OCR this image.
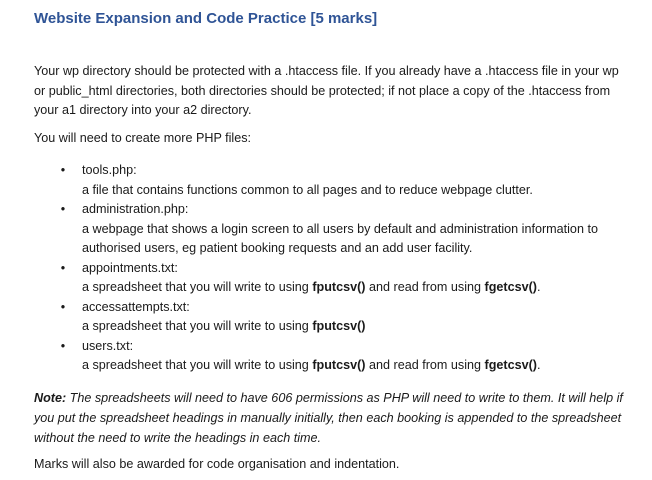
Website Expansion and Code Practice [5 marks]
Your wp directory should be protected with a .htaccess file. If you already have a .htaccess file in your wp or public_html directories, both directories should be protected; if not place a copy of the .htaccess from your a1 directory into your a2 directory.
You will need to create more PHP files:
• tools.php:
a file that contains functions common to all pages and to reduce webpage clutter.
• administration.php:
a webpage that shows a login screen to all users by default and administration information to authorised users, eg patient booking requests and an add user facility.
• appointments.txt:
a spreadsheet that you will write to using fputcsv() and read from using fgetcsv().
• accessattempts.txt:
a spreadsheet that you will write to using fputcsv()
• users.txt:
a spreadsheet that you will write to using fputcsv() and read from using fgetcsv().
Note: The spreadsheets will need to have 606 permissions as PHP will need to write to them. It will help if you put the spreadsheet headings in manually initially, then each booking is appended to the spreadsheet without the need to write the headings in each time.
Marks will also be awarded for code organisation and indentation.
